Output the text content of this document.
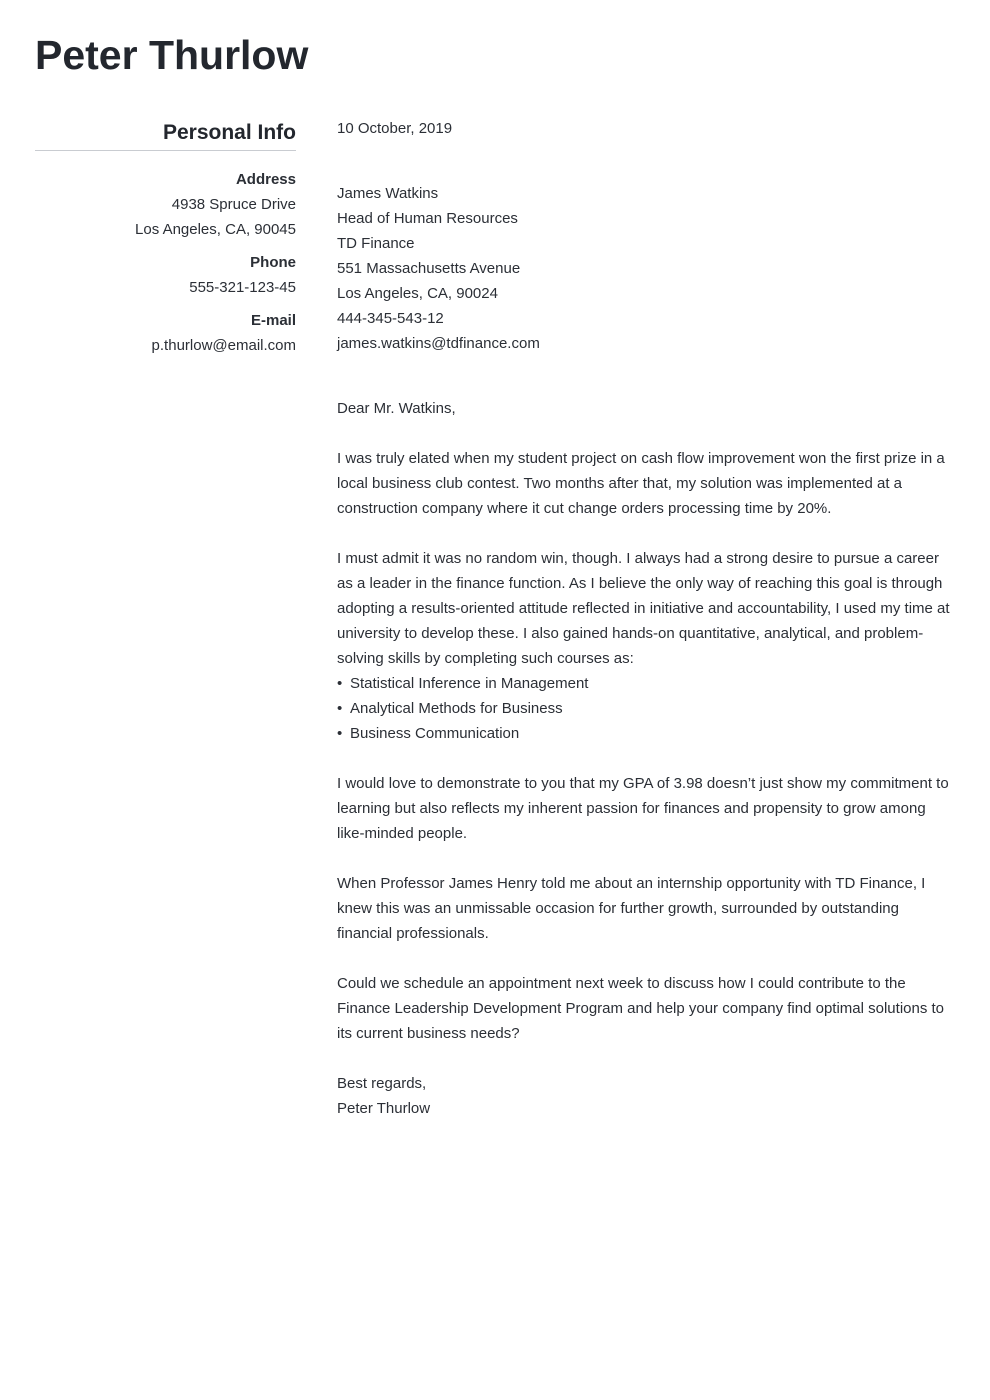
Peter Thurlow
Personal Info
Address
4938 Spruce Drive
Los Angeles, CA, 90045
Phone
555-321-123-45
E-mail
p.thurlow@email.com
10 October, 2019
James Watkins
Head of Human Resources
TD Finance
551 Massachusetts Avenue
Los Angeles, CA, 90024
444-345-543-12
james.watkins@tdfinance.com
Dear Mr. Watkins,
I was truly elated when my student project on cash flow improvement won the first prize in a
local business club contest. Two months after that, my solution was implemented at a
construction company where it cut change orders processing time by 20%.
I must admit it was no random win, though. I always had a strong desire to pursue a career
as a leader in the finance function. As I believe the only way of reaching this goal is through
adopting a results-oriented attitude reflected in initiative and accountability, I used my time at
university to develop these. I also gained hands-on quantitative, analytical, and problem-
solving skills by completing such courses as:
• Statistical Inference in Management
• Analytical Methods for Business
• Business Communication
I would love to demonstrate to you that my GPA of 3.98 doesn’t just show my commitment to
learning but also reflects my inherent passion for finances and propensity to grow among
like-minded people.
When Professor James Henry told me about an internship opportunity with TD Finance, I
knew this was an unmissable occasion for further growth, surrounded by outstanding
financial professionals.
Could we schedule an appointment next week to discuss how I could contribute to the
Finance Leadership Development Program and help your company find optimal solutions to
its current business needs?
Best regards,
Peter Thurlow
